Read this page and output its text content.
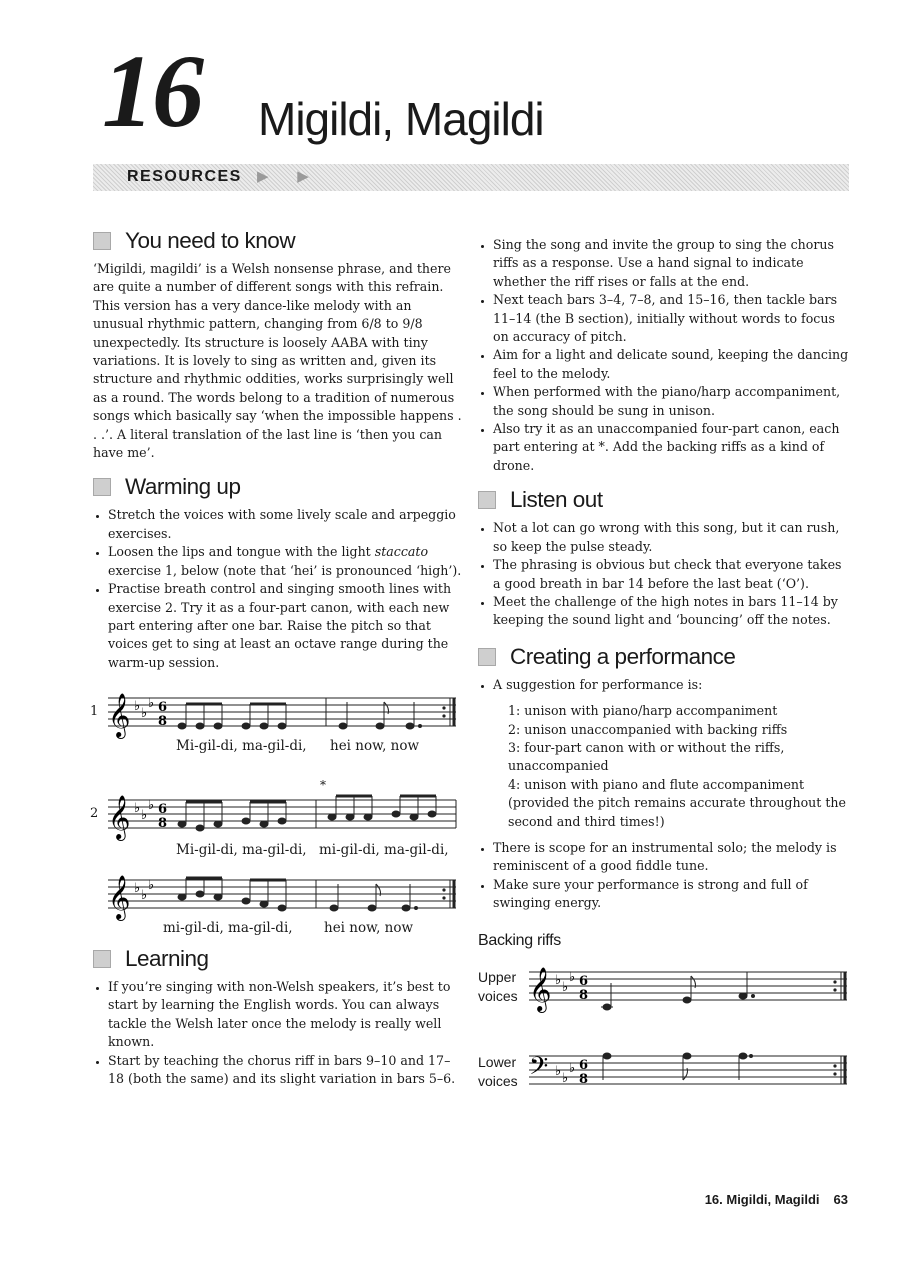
16 Migildi, Magildi
RESOURCES ▶ ▶
You need to know

‘Migildi, magildi’ is a Welsh nonsense phrase, and there are quite a number of different songs with this refrain. This version has a very dance-like melody with an unusual rhythmic pattern, changing from 6/8 to 9/8 unexpectedly. Its structure is loosely AABA with tiny variations. It is lovely to sing as written and, given its structure and rhythmic oddities, works surprisingly well as a round. The words belong to a tradition of numerous songs which basically say ‘when the impossible happens . . .’. A literal translation of the last line is ‘then you can have me’.

Warming up
• Stretch the voices with some lively scale and arpeggio exercises.
• Loosen the lips and tongue with the light staccato exercise 1, below (note that ‘hei’ is pronounced ‘high’).
• Practise breath control and singing smooth lines with exercise 2. Try it as a four-part canon, with each new part entering after one bar. Raise the pitch so that voices get to sing at least an octave range during the warm-up session.
1 𝄞 ♭ ♭
♭ 6
8
Mi-gil-di, ma-gil-di, hei now, now
*
2 𝄞 ♭ ♭
♭ 6
8
Mi-gil-di, ma-gil-di, mi-gil-di, ma-gil-di,
𝄞 ♭ ♭
♭
mi-gil-di, ma-gil-di, hei now, now
Learning
• If you’re singing with non-Welsh speakers, it’s best to start by learning the English words. You can always tackle the Welsh later once the melody is really well known.
• Start by teaching the chorus riff in bars 9–10 and 17–18 (both the same) and its slight variation in bars 5–6.
• Sing the song and invite the group to sing the chorus riffs as a response. Use a hand signal to indicate whether the riff rises or falls at the end.
• Next teach bars 3–4, 7–8, and 15–16, then tackle bars 11–14 (the B section), initially without words to focus on accuracy of pitch.
• Aim for a light and delicate sound, keeping the dancing feel to the melody.
• When performed with the piano/harp accompaniment, the song should be sung in unison.
• Also try it as an unaccompanied four-part canon, each part entering at *. Add the backing riffs as a kind of drone.
Listen out
• Not a lot can go wrong with this song, but it can rush, so keep the pulse steady.
• The phrasing is obvious but check that everyone takes a good breath in bar 14 before the last beat (‘O’).
• Meet the challenge of the high notes in bars 11–14 by keeping the sound light and ‘bouncing’ off the notes.
Creating a performance
• A suggestion for performance is:
1: unison with piano/harp accompaniment
2: unison unaccompanied with backing riffs
3: four-part canon with or without the riffs, unaccompanied
4: unison with piano and flute accompaniment (provided the pitch remains accurate throughout the second and third times!)
• There is scope for an instrumental solo; the melody is reminiscent of a good fiddle tune.
• Make sure your performance is strong and full of swinging energy.
Backing riffs
Upper
voices 𝄞 ♭ ♭
♭ 6
8
Lower
voices 𝄢 ♭ ♭
♭ 6
8
16. Migildi, Magildi 63
